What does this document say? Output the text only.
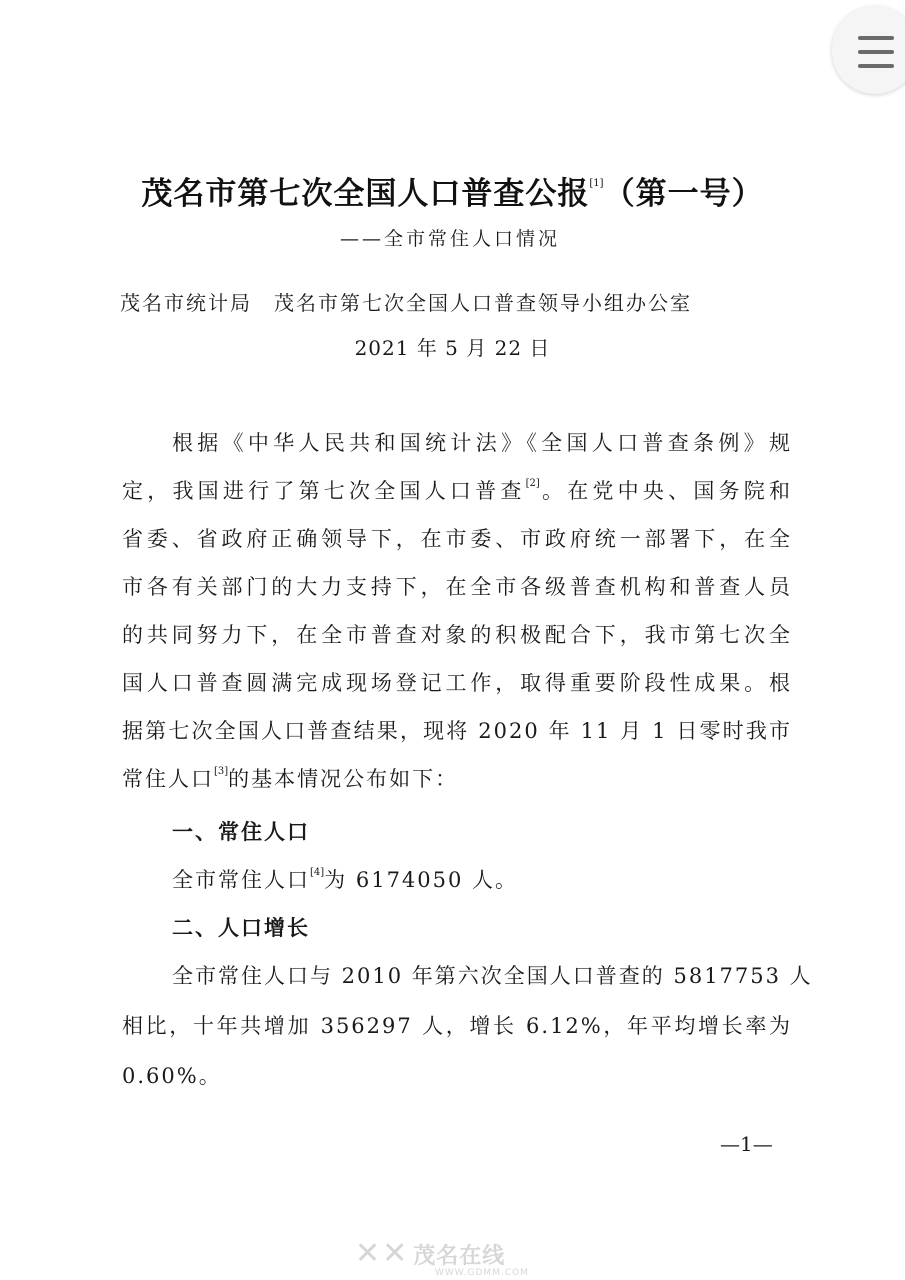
茂名市第七次全国人口普查公报[1]（第一号）
——全市常住人口情况
茂名市统计局 茂名市第七次全国人口普查领导小组办公室
2021 年 5 月 22 日
根据《中华人民共和国统计法》《全国人口普查条例》规
定，我国进行了第七次全国人口普查[2]。在党中央、国务院和
省委、省政府正确领导下，在市委、市政府统一部署下，在全
市各有关部门的大力支持下，在全市各级普查机构和普查人员
的共同努力下，在全市普查对象的积极配合下，我市第七次全
国人口普查圆满完成现场登记工作，取得重要阶段性成果。根
据第七次全国人口普查结果，现将 2020 年 11 月 1 日零时我市
常住人口[3]的基本情况公布如下：
一、常住人口
全市常住人口[4]为 6174050 人。
二、人口增长
全市常住人口与 2010 年第六次全国人口普查的 5817753 人
相比，十年共增加 356297 人，增长 6.12%，年平均增长率为
0.60%。
—1—
✕✕ 茂名在线
WWW.GDMM.COM
